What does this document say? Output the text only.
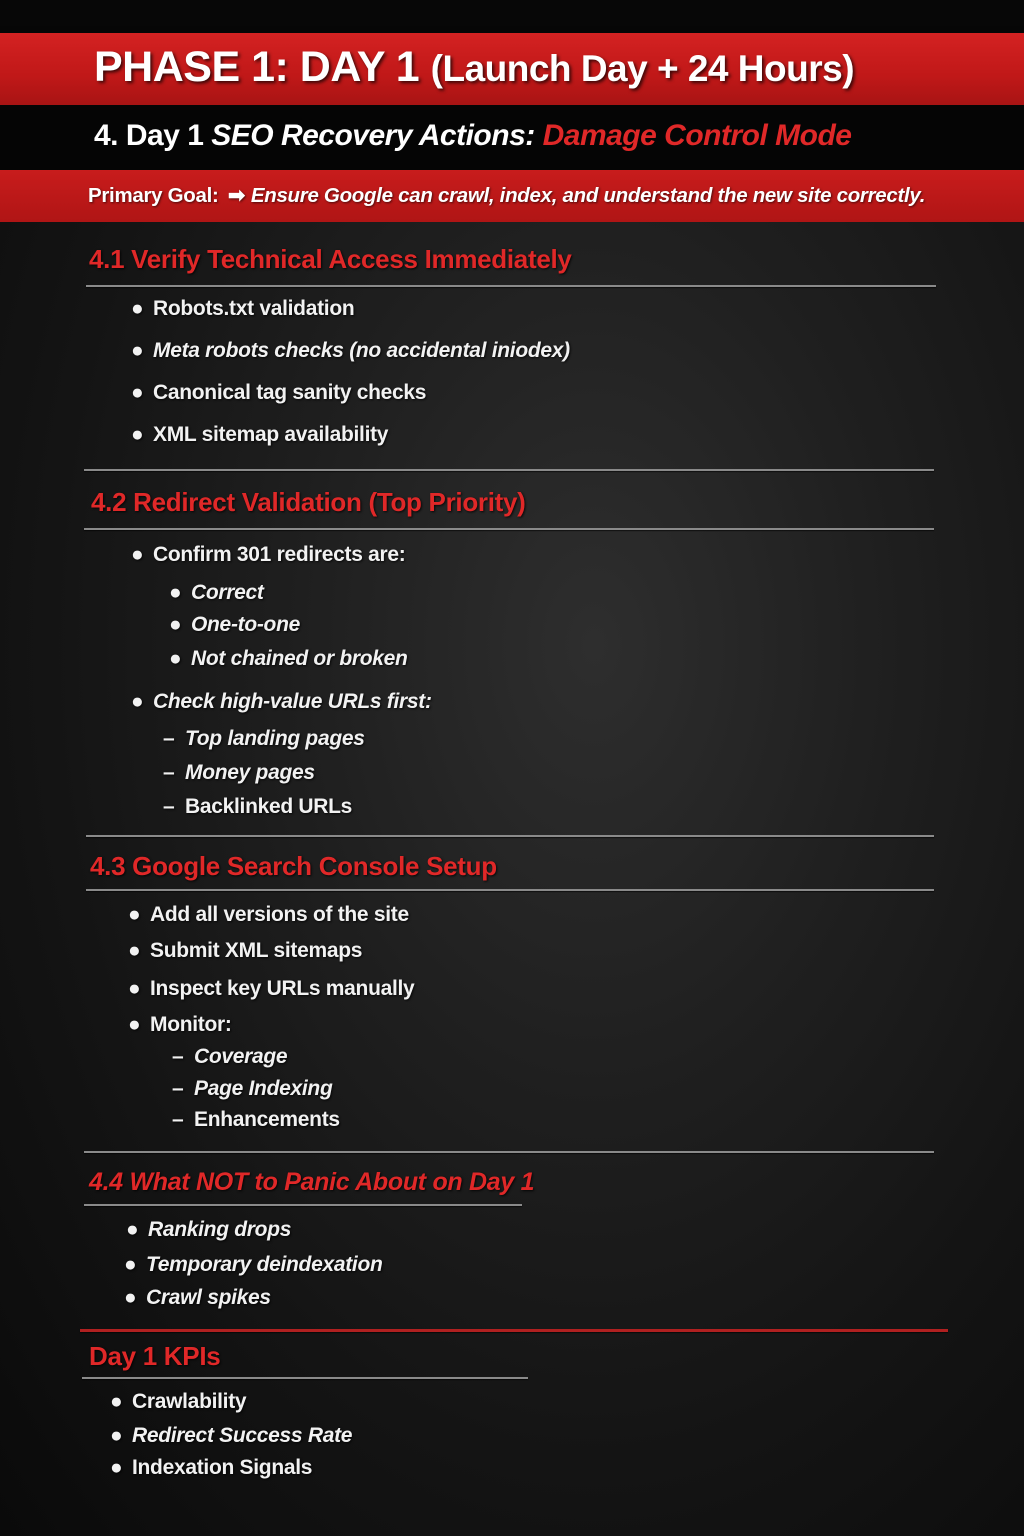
PHASE 1: DAY 1 (Launch Day + 24 Hours)
4. Day 1 SEO Recovery Actions: Damage Control Mode
Primary Goal: ➡ Ensure Google can crawl, index, and understand the new site correctly.
4.1 Verify Technical Access Immediately
● Robots.txt validation
● Meta robots checks (no accidental iniodex)
● Canonical tag sanity checks
● XML sitemap availability
4.2 Redirect Validation (Top Priority)
● Confirm 301 redirects are:
● Correct
● One-to-one
● Not chained or broken
● Check high-value URLs first:
– Top landing pages
– Money pages
– Backlinked URLs
4.3 Google Search Console Setup
● Add all versions of the site
● Submit XML sitemaps
● Inspect key URLs manually
● Monitor:
– Coverage
– Page Indexing
– Enhancements
4.4 What NOT to Panic About on Day 1
● Ranking drops
● Temporary deindexation
● Crawl spikes
Day 1 KPIs
● Crawlability
● Redirect Success Rate
● Indexation Signals
